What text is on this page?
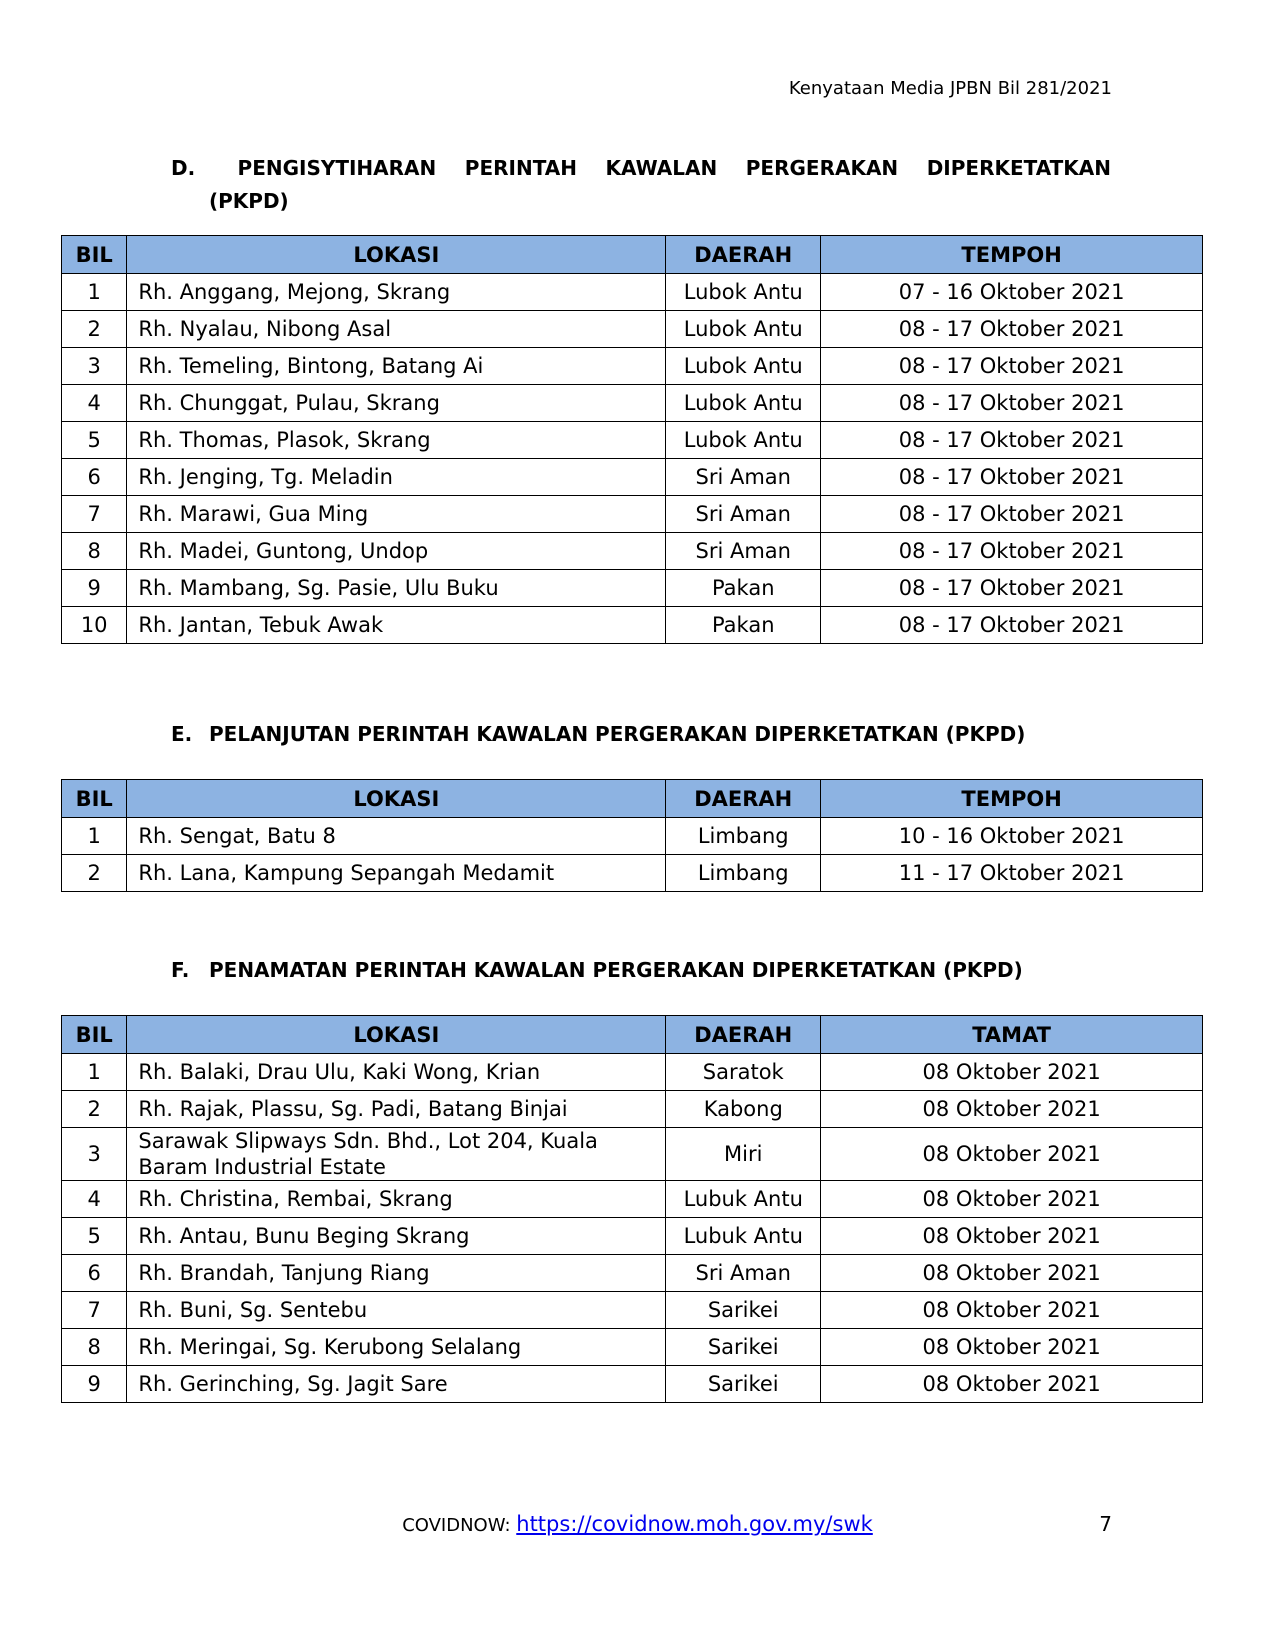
Kenyataan Media JPBN Bil 281/2021
D.	PENGISYTIHARAN PERINTAH KAWALAN PERGERAKAN DIPERKETATKAN
(PKPD)
BIL	LOKASI	DAERAH	TEMPOH
1	Rh. Anggang, Mejong, Skrang	Lubok Antu	07 - 16 Oktober 2021
2	Rh. Nyalau, Nibong Asal	Lubok Antu	08 - 17 Oktober 2021
3	Rh. Temeling, Bintong, Batang Ai	Lubok Antu	08 - 17 Oktober 2021
4	Rh. Chunggat, Pulau, Skrang	Lubok Antu	08 - 17 Oktober 2021
5	Rh. Thomas, Plasok, Skrang	Lubok Antu	08 - 17 Oktober 2021
6	Rh. Jenging, Tg. Meladin	Sri Aman	08 - 17 Oktober 2021
7	Rh. Marawi, Gua Ming	Sri Aman	08 - 17 Oktober 2021
8	Rh. Madei, Guntong, Undop	Sri Aman	08 - 17 Oktober 2021
9	Rh. Mambang, Sg. Pasie, Ulu Buku	Pakan	08 - 17 Oktober 2021
10	Rh. Jantan, Tebuk Awak	Pakan	08 - 17 Oktober 2021
E. PELANJUTAN PERINTAH KAWALAN PERGERAKAN DIPERKETATKAN (PKPD)
BIL	LOKASI	DAERAH	TEMPOH
1	Rh. Sengat, Batu 8	Limbang	10 - 16 Oktober 2021
2	Rh. Lana, Kampung Sepangah Medamit	Limbang	11 - 17 Oktober 2021
F. PENAMATAN PERINTAH KAWALAN PERGERAKAN DIPERKETATKAN (PKPD)
BIL	LOKASI	DAERAH	TAMAT
1	Rh. Balaki, Drau Ulu, Kaki Wong, Krian	Saratok	08 Oktober 2021
2	Rh. Rajak, Plassu, Sg. Padi, Batang Binjai	Kabong	08 Oktober 2021
3	Sarawak Slipways Sdn. Bhd., Lot 204, Kuala Baram Industrial Estate	Miri	08 Oktober 2021
4	Rh. Christina, Rembai, Skrang	Lubuk Antu	08 Oktober 2021
5	Rh. Antau, Bunu Beging Skrang	Lubuk Antu	08 Oktober 2021
6	Rh. Brandah, Tanjung Riang	Sri Aman	08 Oktober 2021
7	Rh. Buni, Sg. Sentebu	Sarikei	08 Oktober 2021
8	Rh. Meringai, Sg. Kerubong Selalang	Sarikei	08 Oktober 2021
9	Rh. Gerinching, Sg. Jagit Sare	Sarikei	08 Oktober 2021
COVIDNOW: https://covidnow.moh.gov.my/swk	7
